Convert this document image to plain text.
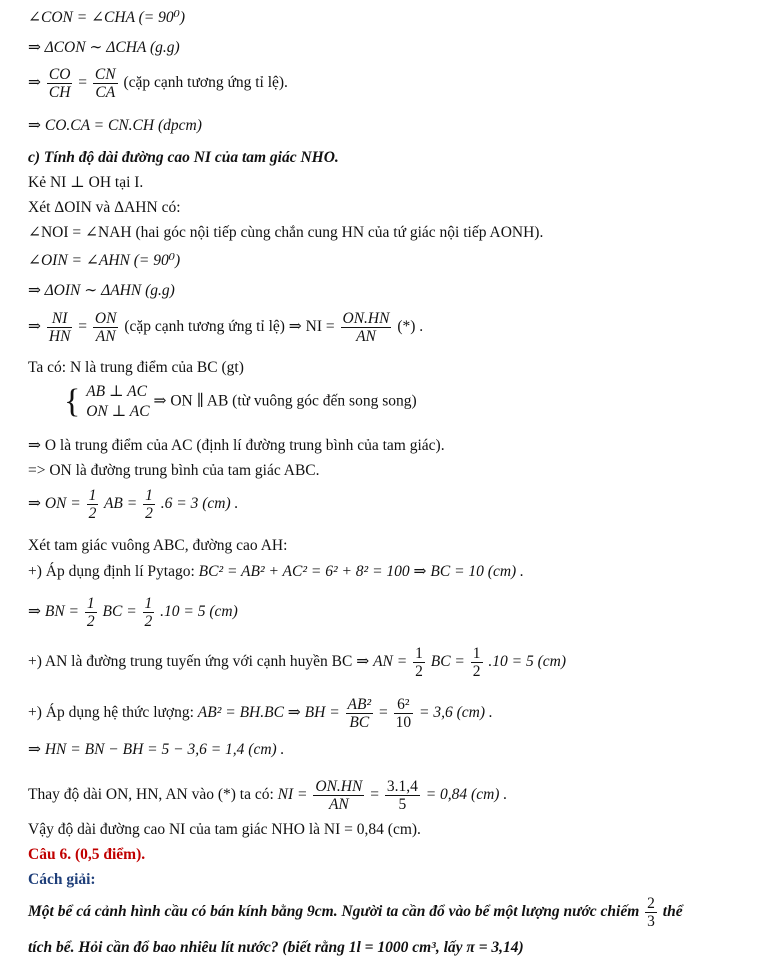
∠CON = ∠CHA (= 90⁰)
⇒ ΔCON ∼ ΔCHA (g.g)
⇒ $\frac{CO}{CH} = \frac{CN}{CA}$ (cặp cạnh tương ứng tỉ lệ).
⇒ CO.CA = CN.CH (dpcm)
c) Tính độ dài đường cao NI của tam giác NHO.
Kẻ NI ⊥ OH tại I.
Xét ΔOIN và ΔAHN có:
∠NOI = ∠NAH (hai góc nội tiếp cùng chắn cung HN của tứ giác nội tiếp AONH).
∠OIN = ∠AHN (= 90⁰)
⇒ ΔOIN ∼ ΔAHN (g.g)
⇒ $\frac{NI}{HN} = \frac{ON}{AN}$ (cặp cạnh tương ứng tỉ lệ) ⇒ NI = $\frac{ON.HN}{AN}$ (*) .
Ta có: N là trung điểm của BC (gt)
{ AB ⊥ AC
ON ⊥ AC
⇒ ON ∥ AB (từ vuông góc đến song song)
⇒ O là trung điểm của AC (định lí đường trung bình của tam giác).
=> ON là đường trung bình của tam giác ABC.
⇒ ON = $\frac{1}{2}$ AB = $\frac{1}{2} .6 = 3$ (cm) .
Xét tam giác vuông ABC, đường cao AH:
+) Áp dụng định lí Pytago: BC² = AB² + AC² = 6² + 8² = 100 ⇒ BC = 10 (cm) .
⇒ BN = $\frac{1}{2}$ BC = $\frac{1}{2} .10 = 5$ (cm)
+) AN là đường trung tuyến ứng với cạnh huyền BC ⇒ AN = $\frac{1}{2}$ BC = $\frac{1}{2} .10 = 5$ (cm)
+) Áp dụng hệ thức lượng: AB² = BH.BC ⇒ BH = $\frac{\text{AB²}}{BC} = \frac{\text{6²}}{10} = 3,6$ (cm) .
⇒ HN = BN − BH = 5 − 3,6 = 1,4 (cm) .
Thay độ dài ON, HN, AN vào (*) ta có: NI = $\frac{ON.HN}{AN} = \frac{3.1,4}{5} = 0,84$ (cm) .
Vậy độ dài đường cao NI của tam giác NHO là NI = 0,84 (cm).
Câu 6. (0,5 điểm).
Cách giải:
Một bể cá cảnh hình cầu có bán kính bằng 9cm. Người ta cần đổ vào bể một lượng nước chiếm $\frac{2}{3}$ thể
tích bể. Hỏi cần đổ bao nhiêu lít nước? (biết rằng 1l = 1000 cm³, lấy π = 3,14)
